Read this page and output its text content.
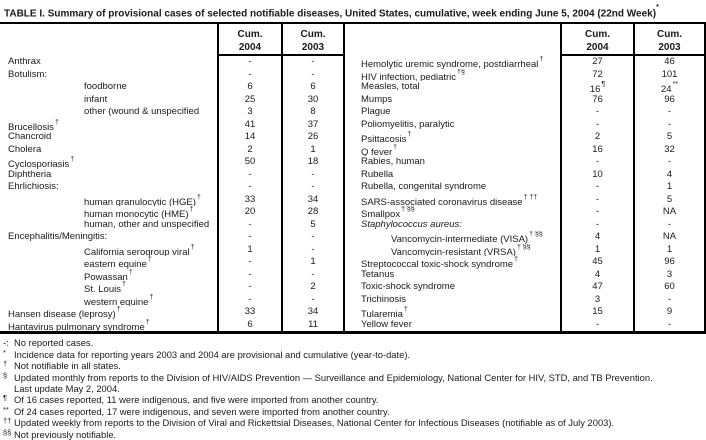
TABLE I. Summary of provisional cases of selected notifiable diseases, United States, cumulative, week ending June 5, 2004 (22nd Week)*
Cum.
2004
Cum.
2003
Anthrax	-	-
Botulism:	-	-
foodborne	6	6
infant	25	30
other (wound & unspecified	3	8
Brucellosis†	41	37
Chancroid	14	26
Cholera	2	1
Cyclosporiasis†	50	18
Diphtheria	-	-
Ehrlichiosis:	-	-
human granulocytic (HGE)†	33	34
human monocytic (HME)†	20	28
human, other and unspecified	-	5
Encephalitis/Meningitis:	-	-
California serogroup viral†	1	-
eastern equine†	-	1
Powassan†	-	-
St. Louis†	-	2
western equine†	-	-
Hansen disease (leprosy)†	33	34
Hantavirus pulmonary syndrome†	6	11
Cum.
2004
Cum.
2003
Hemolytic uremic syndrome, postdiarrheal†	27	46
HIV infection, pediatric†§	72	101
Measles, total	16¶	24**
Mumps	76	96
Plague	-	-
Poliomyelitis, paralytic	-	-
Psittacosis†	2	5
Q fever†	16	32
Rabies, human	-	-
Rubella	10	4
Rubella, congenital syndrome	-	1
SARS-associated coronavirus disease† ††	-	5
Smallpox† §§	-	NA
Staphylococcus aureus:	-	-
Vancomycin-intermediate (VISA)† §§	4	NA
Vancomycin-resistant (VRSA)† §§	1	1
Streptococcal toxic-shock syndrome†	45	96
Tetanus	4	3
Toxic-shock syndrome	47	60
Trichinosis	3	-
Tularemia†	15	9
Yellow fever	-	-
-: No reported cases.
* Incidence data for reporting years 2003 and 2004 are provisional and cumulative (year-to-date).
† Not notifiable in all states.
§ Updated monthly from reports to the Division of HIV/AIDS Prevention — Surveillance and Epidemiology, National Center for HIV, STD, and TB Prevention.
Last update May 2, 2004.
¶ Of 16 cases reported, 11 were indigenous, and five were imported from another country.
** Of 24 cases reported, 17 were indigenous, and seven were imported from another country.
†† Updated weekly from reports to the Division of Viral and Rickettsial Diseases, National Center for Infectious Diseases (notifiable as of July 2003).
§§ Not previously notifiable.
